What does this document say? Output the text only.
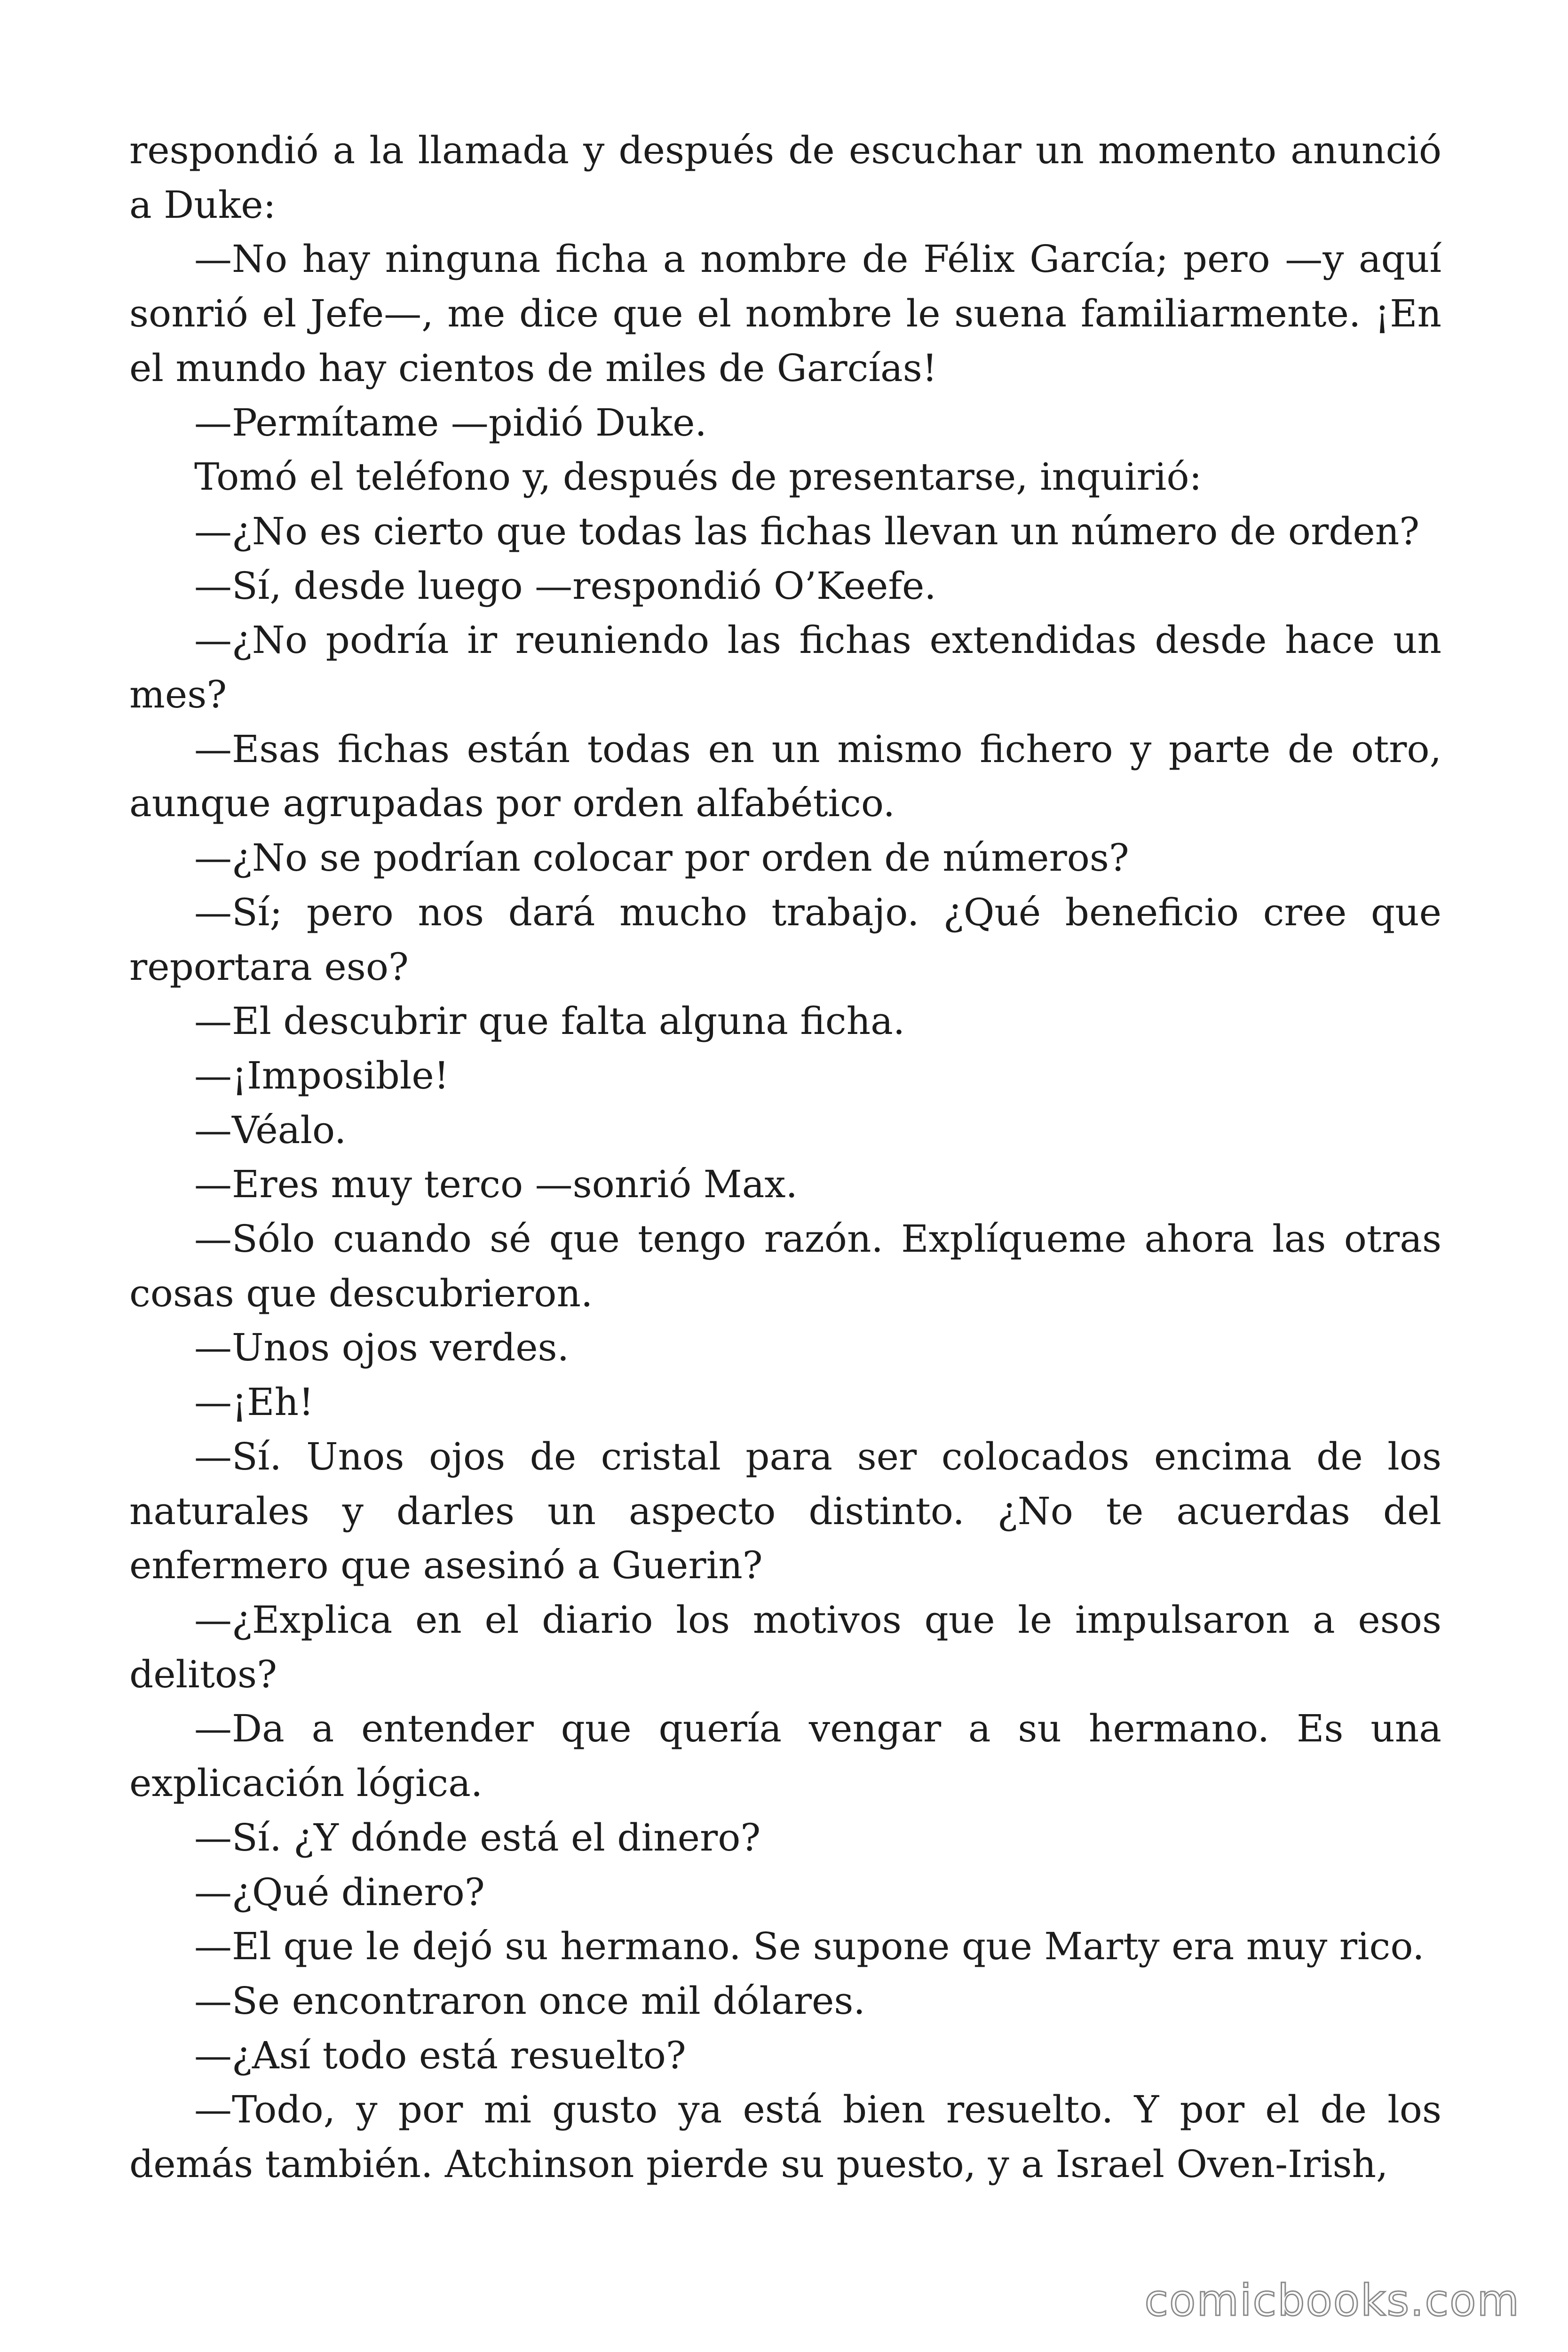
respondió a la llamada y después de escuchar un momento anunció a Duke:

—No hay ninguna ficha a nombre de Félix García; pero —y aquí sonrió el Jefe—, me dice que el nombre le suena familiarmente. ¡En el mundo hay cientos de miles de Garcías!

—Permítame —pidió Duke.

Tomó el teléfono y, después de presentarse, inquirió:

—¿No es cierto que todas las fichas llevan un número de orden?

—Sí, desde luego —respondió O’Keefe.

—¿No podría ir reuniendo las fichas extendidas desde hace un mes?

—Esas fichas están todas en un mismo fichero y parte de otro, aunque agrupadas por orden alfabético.

—¿No se podrían colocar por orden de números?

—Sí; pero nos dará mucho trabajo. ¿Qué beneficio cree que reportara eso?

—El descubrir que falta alguna ficha.

—¡Imposible!

—Véalo.

—Eres muy terco —sonrió Max.

—Sólo cuando sé que tengo razón. Explíqueme ahora las otras cosas que descubrieron.

—Unos ojos verdes.

—¡Eh!

—Sí. Unos ojos de cristal para ser colocados encima de los naturales y darles un aspecto distinto. ¿No te acuerdas del enfermero que asesinó a Guerin?

—¿Explica en el diario los motivos que le impulsaron a esos delitos?

—Da a entender que quería vengar a su hermano. Es una explicación lógica.

—Sí. ¿Y dónde está el dinero?

—¿Qué dinero?

—El que le dejó su hermano. Se supone que Marty era muy rico.

—Se encontraron once mil dólares.

—¿Así todo está resuelto?

—Todo, y por mi gusto ya está bien resuelto. Y por el de los demás también. Atchinson pierde su puesto, y a Israel Oven-Irish,

comicbooks.com
